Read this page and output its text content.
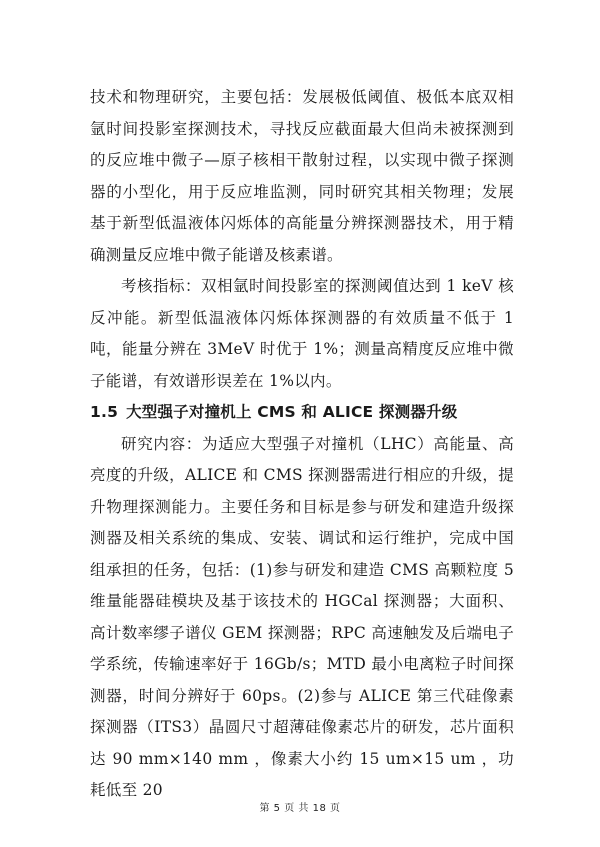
技术和物理研究，主要包括：发展极低阈值、极低本底双相氩时间投影室探测技术，寻找反应截面最大但尚未被探测到的反应堆中微子—原子核相干散射过程，以实现中微子探测器的小型化，用于反应堆监测，同时研究其相关物理；发展基于新型低温液体闪烁体的高能量分辨探测器技术，用于精确测量反应堆中微子能谱及核素谱。

考核指标：双相氩时间投影室的探测阈值达到 1 keV 核反冲能。新型低温液体闪烁体探测器的有效质量不低于 1 吨，能量分辨在 3MeV 时优于 1%；测量高精度反应堆中微子能谱，有效谱形误差在 1%以内。

1.5 大型强子对撞机上 CMS 和 ALICE 探测器升级

研究内容：为适应大型强子对撞机（LHC）高能量、高亮度的升级，ALICE 和 CMS 探测器需进行相应的升级，提升物理探测能力。主要任务和目标是参与研发和建造升级探测器及相关系统的集成、安装、调试和运行维护，完成中国组承担的任务，包括：(1)参与研发和建造 CMS 高颗粒度 5 维量能器硅模块及基于该技术的 HGCal 探测器；大面积、高计数率缪子谱仪 GEM 探测器；RPC 高速触发及后端电子学系统，传输速率好于 16Gb/s；MTD 最小电离粒子时间探测器，时间分辨好于 60ps。(2)参与 ALICE 第三代硅像素探测器（ITS3）晶圆尺寸超薄硅像素芯片的研发，芯片面积达 90 mm×140 mm ，像素大小约 15 um×15 um ，功耗低至 20

第 5 页 共 18 页
